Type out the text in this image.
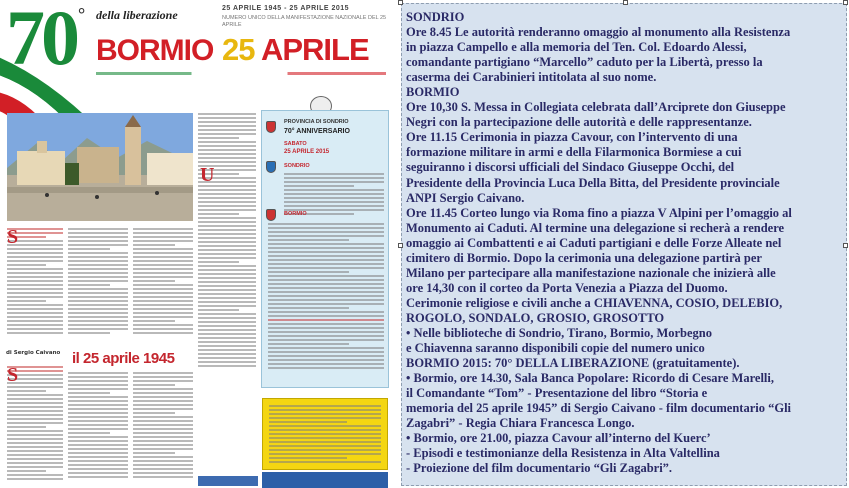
70 ° della liberazione	25 APRILE 1945 - 25 APRILE 2015
NUMERO UNICO DELLA MANIFESTAZIONE NAZIONALE DEL 25 APRILE
BORMIO 25 APRILE
S
U
di Sergio Caivano il 25 aprile 1945
S
PROVINCIA DI SONDRIO
70° ANNIVERSARIO
SABATO
25 APRILE 2015
SONDRIO
BORMIO
SONDRIO
Ore 8.45 Le autorità renderanno omaggio al monumento alla Resistenza
in piazza Campello e alla memoria del Ten. Col. Edoardo Alessi,
comandante partigiano “Marcello” caduto per la Libertà, presso la
caserma dei Carabinieri intitolata al suo nome.
BORMIO
Ore 10,30 S. Messa in Collegiata celebrata dall’Arciprete don Giuseppe
Negri con la partecipazione delle autorità e delle rappresentanze.
Ore 11.15 Cerimonia in piazza Cavour, con l’intervento di una
formazione militare in armi e della Filarmonica Bormiese a cui
seguiranno i discorsi ufficiali del Sindaco Giuseppe Occhi, del
Presidente della Provincia Luca Della Bitta, del Presidente provinciale
ANPI Sergio Caivano.
Ore 11.45 Corteo lungo via Roma fino a piazza V Alpini per l’omaggio al
Monumento ai Caduti. Al termine una delegazione si recherà a rendere
omaggio ai Combattenti e ai Caduti partigiani e delle Forze Alleate nel
cimitero di Bormio. Dopo la cerimonia una delegazione partirà per
Milano per partecipare alla manifestazione nazionale che inizierà alle
ore 14,30 con il corteo da Porta Venezia a Piazza del Duomo.
Cerimonie religiose e civili anche a CHIAVENNA, COSIO, DELEBIO,
ROGOLO, SONDALO, GROSIO, GROSOTTO
• Nelle biblioteche di Sondrio, Tirano, Bormio, Morbegno
e Chiavenna saranno disponibili copie del numero unico
BORMIO 2015: 70° DELLA LIBERAZIONE (gratuitamente).
• Bormio, ore 14.30, Sala Banca Popolare: Ricordo di Cesare Marelli,
il Comandante “Tom” - Presentazione del libro “Storia e
memoria del 25 aprile 1945” di Sergio Caivano - film documentario “Gli
Zagabri” - Regia Chiara Francesca Longo.
• Bormio, ore 21.00, piazza Cavour all’interno del Kuerc’
- Episodi e testimonianze della Resistenza in Alta Valtellina
- Proiezione del film documentario “Gli Zagabri”.
